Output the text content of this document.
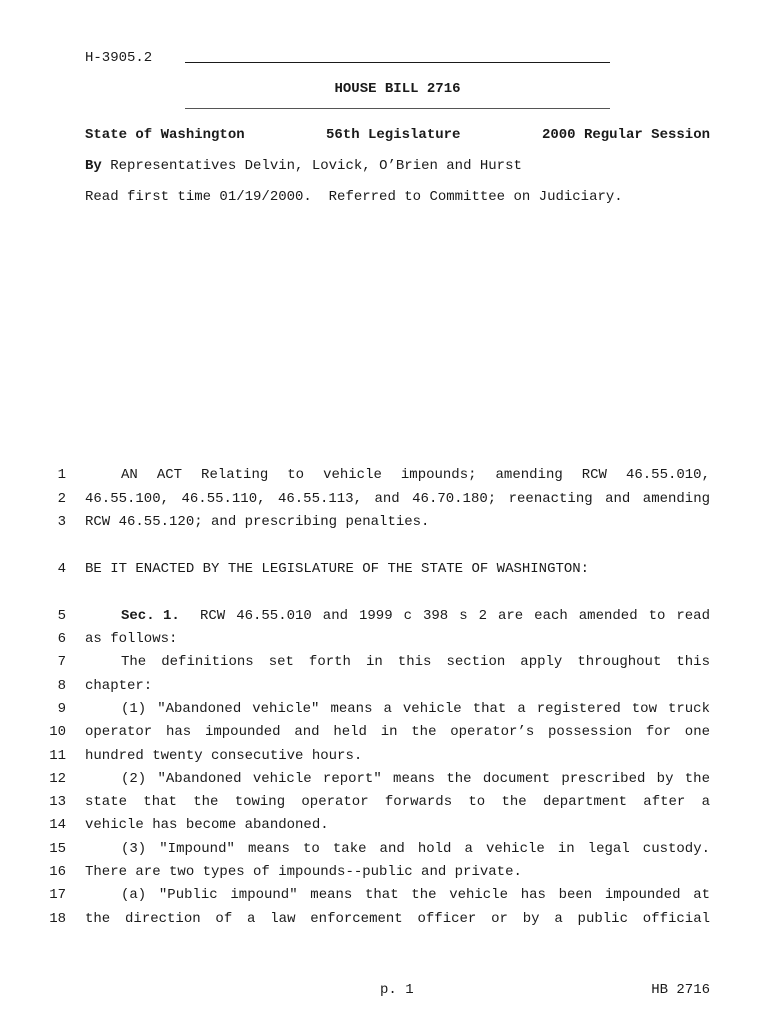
H-3905.2
HOUSE BILL 2716
State of Washington	56th Legislature	2000 Regular Session
By Representatives Delvin, Lovick, O’Brien and Hurst
Read first time 01/19/2000.  Referred to Committee on Judiciary.
1	AN ACT Relating to vehicle impounds; amending RCW 46.55.010,
2 46.55.100, 46.55.110, 46.55.113, and 46.70.180; reenacting and amending
3 RCW 46.55.120; and prescribing penalties.
4 BE IT ENACTED BY THE LEGISLATURE OF THE STATE OF WASHINGTON:
5	Sec. 1. RCW 46.55.010 and 1999 c 398 s 2 are each amended to read
6 as follows:
7	The definitions set forth in this section apply throughout this
8 chapter:
9	(1) "Abandoned vehicle" means a vehicle that a registered tow truck
10 operator has impounded and held in the operator’s possession for one
11 hundred twenty consecutive hours.
12	(2) "Abandoned vehicle report" means the document prescribed by the
13 state that the towing operator forwards to the department after a
14 vehicle has become abandoned.
15	(3) "Impound" means to take and hold a vehicle in legal custody.
16 There are two types of impounds--public and private.
17	(a) "Public impound" means that the vehicle has been impounded at
18 the direction of a law enforcement officer or by a public official
p. 1	HB 2716
